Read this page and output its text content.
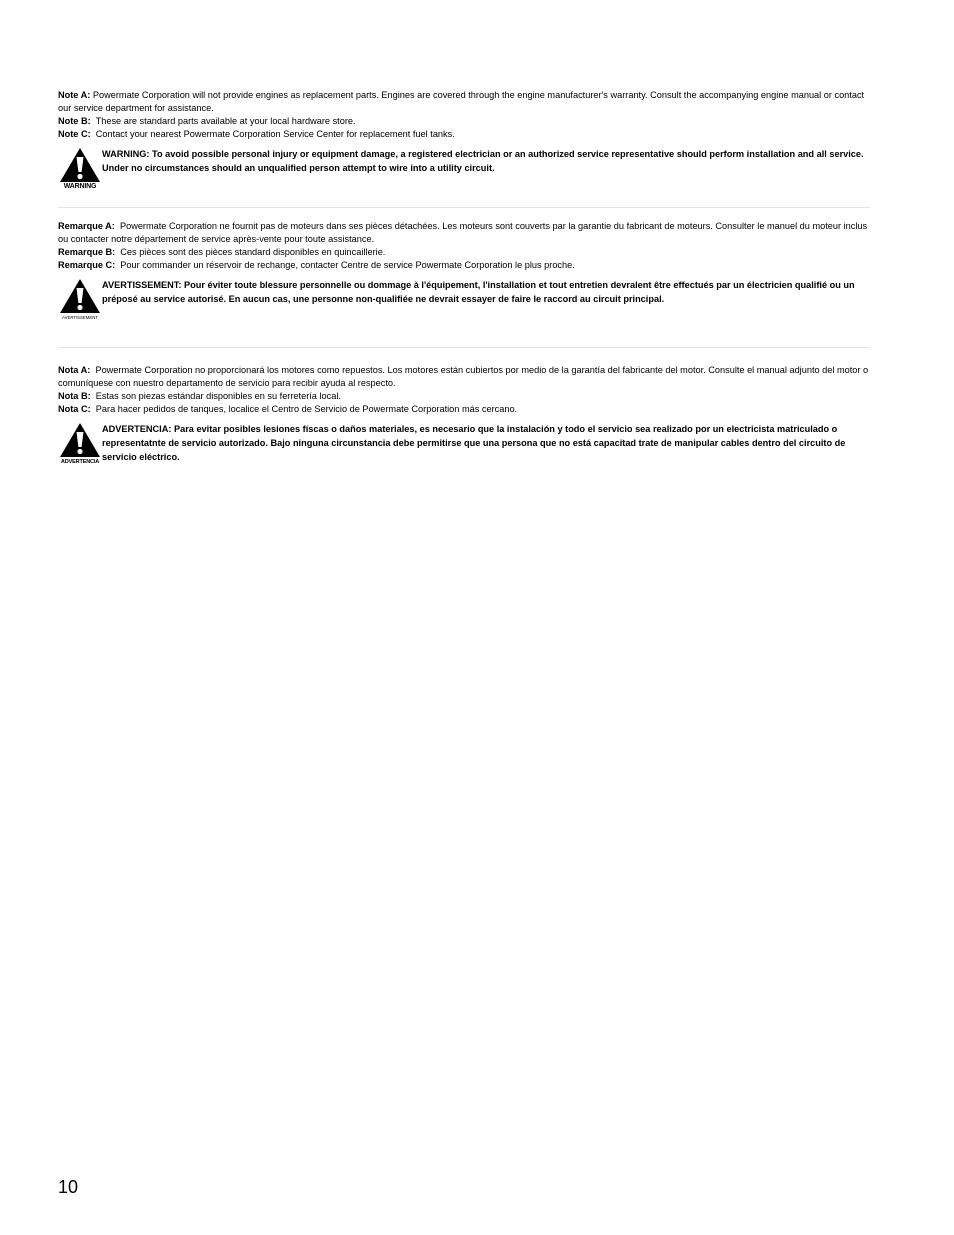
Note A: Powermate Corporation will not provide engines as replacement parts. Engines are covered through the engine manufacturer's warranty. Consult the accompanying engine manual or contact our service department for assistance.

Note B: These are standard parts available at your local hardware store.

Note C: Contact your nearest Powermate Corporation Service Center for replacement fuel tanks.

WARNING
WARNING: To avoid possible personal injury or equipment damage, a registered electrician or an authorized service representative should perform installation and all service. Under no circumstances should an unqualified person attempt to wire into a utility circuit.

Remarque A: Powermate Corporation ne fournit pas de moteurs dans ses pièces détachées. Les moteurs sont couverts par la garantie du fabricant de moteurs. Consulter le manuel du moteur inclus ou contacter notre département de service après-vente pour toute assistance.

Remarque B: Ces pièces sont des pièces standard disponibles en quincaillerie.

Remarque C: Pour commander un réservoir de rechange, contacter Centre de service Powermate Corporation le plus proche.

AVERTISSEMENT
AVERTISSEMENT: Pour éviter toute blessure personnelle ou dommage à l'équipement, l'installation et tout entretien devralent être effectués par un électricien qualifié ou un préposé au service autorisé. En aucun cas, une personne non-qualifiée ne devrait essayer de faire le raccord au circuit principal.

Nota A: Powermate Corporation no proporcionará los motores como repuestos. Los motores están cubiertos por medio de la garantía del fabricante del motor. Consulte el manual adjunto del motor o comuníquese con nuestro departamento de servicio para recibir ayuda al respecto.

Nota B: Estas son piezas estándar disponibles en su ferretería local.

Nota C: Para hacer pedidos de tanques, localice el Centro de Servicio de Powermate Corporation más cercano.

ADVERTENCIA
ADVERTENCIA: Para evitar posibles lesiones físcas o daños materiales, es necesario que la instalación y todo el servicio sea realizado por un electricista matriculado o representatnte de servicio autorizado. Bajo ninguna circunstancia debe permitirse que una persona que no está capacitad trate de manipular cables dentro del circuito de servicio eléctrico.
10
